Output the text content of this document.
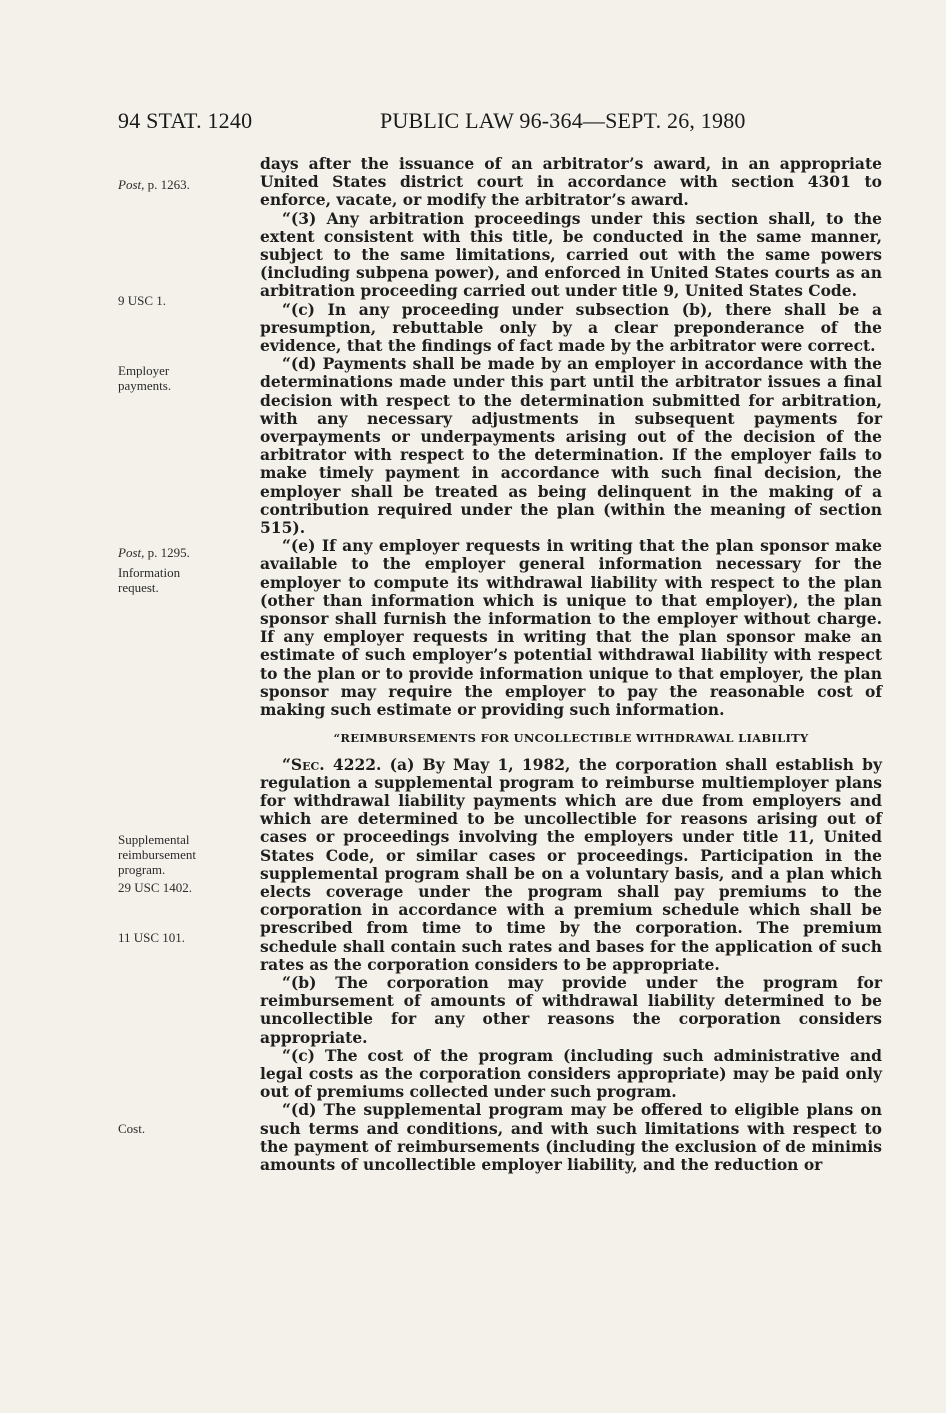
94 STAT. 1240	PUBLIC LAW 96-364—SEPT. 26, 1980
Post, p. 1263.
9 USC 1.
Employer payments.
Post, p. 1295.
Information request.
Supplemental reimbursement program.
29 USC 1402.
11 USC 101.
Cost.

days after the issuance of an arbitrator’s award, in an appropriate United States district court in accordance with section 4301 to enforce, vacate, or modify the arbitrator’s award.

“(3) Any arbitration proceedings under this section shall, to the extent consistent with this title, be conducted in the same manner, subject to the same limitations, carried out with the same powers (including subpena power), and enforced in United States courts as an arbitration proceeding carried out under title 9, United States Code.

“(c) In any proceeding under subsection (b), there shall be a presumption, rebuttable only by a clear preponderance of the evidence, that the findings of fact made by the arbitrator were correct.

“(d) Payments shall be made by an employer in accordance with the determinations made under this part until the arbitrator issues a final decision with respect to the determination submitted for arbitration, with any necessary adjustments in subsequent payments for overpayments or underpayments arising out of the decision of the arbitrator with respect to the determination. If the employer fails to make timely payment in accordance with such final decision, the employer shall be treated as being delinquent in the making of a contribution required under the plan (within the meaning of section 515).

“(e) If any employer requests in writing that the plan sponsor make available to the employer general information necessary for the employer to compute its withdrawal liability with respect to the plan (other than information which is unique to that employer), the plan sponsor shall furnish the information to the employer without charge. If any employer requests in writing that the plan sponsor make an estimate of such employer’s potential withdrawal liability with respect to the plan or to provide information unique to that employer, the plan sponsor may require the employer to pay the reasonable cost of making such estimate or providing such information.

“REIMBURSEMENTS FOR UNCOLLECTIBLE WITHDRAWAL LIABILITY

“Sec. 4222. (a) By May 1, 1982, the corporation shall establish by regulation a supplemental program to reimburse multiemployer plans for withdrawal liability payments which are due from employers and which are determined to be uncollectible for reasons arising out of cases or proceedings involving the employers under title 11, United States Code, or similar cases or proceedings. Participation in the supplemental program shall be on a voluntary basis, and a plan which elects coverage under the program shall pay premiums to the corporation in accordance with a premium schedule which shall be prescribed from time to time by the corporation. The premium schedule shall contain such rates and bases for the application of such rates as the corporation considers to be appropriate.

“(b) The corporation may provide under the program for reimbursement of amounts of withdrawal liability determined to be uncollectible for any other reasons the corporation considers appropriate.

“(c) The cost of the program (including such administrative and legal costs as the corporation considers appropriate) may be paid only out of premiums collected under such program.

“(d) The supplemental program may be offered to eligible plans on such terms and conditions, and with such limitations with respect to the payment of reimbursements (including the exclusion of de minimis amounts of uncollectible employer liability, and the reduction or
